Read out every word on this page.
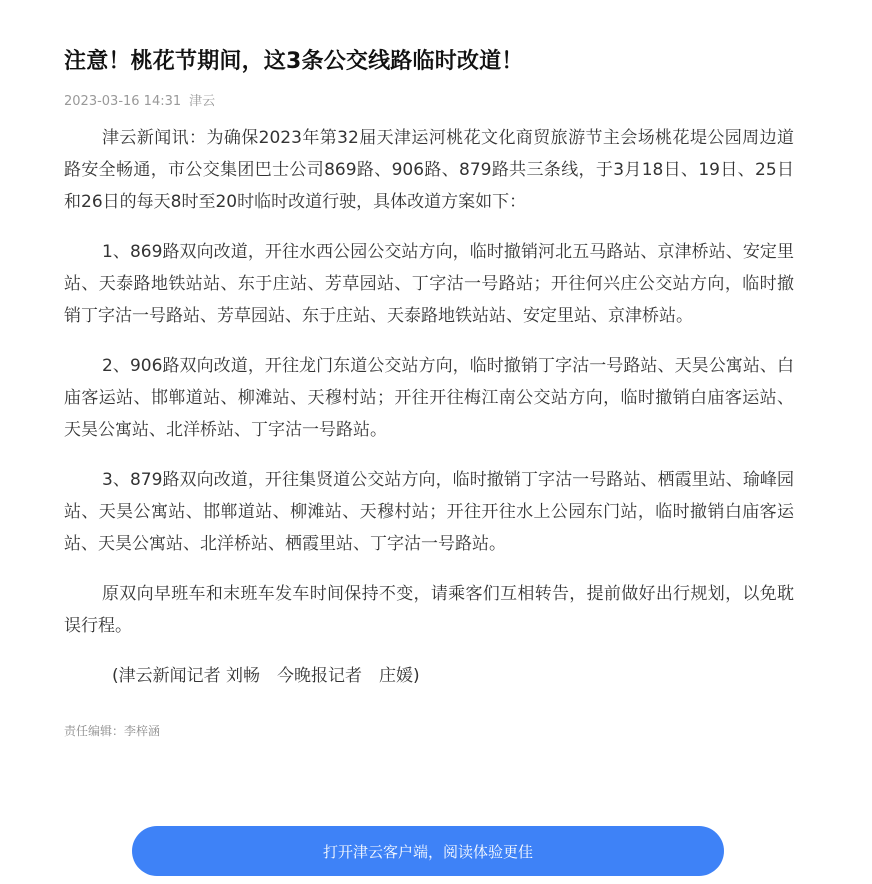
注意！桃花节期间，这3条公交线路临时改道！
2023-03-16 14:31 津云

津云新闻讯：为确保2023年第32届天津运河桃花文化商贸旅游节主会场桃花堤公园周边道路安全畅通，市公交集团巴士公司869路、906路、879路共三条线，于3月18日、19日、25日和26日的每天8时至20时临时改道行驶，具体改道方案如下：

1、869路双向改道，开往水西公园公交站方向，临时撤销河北五马路站、京津桥站、安定里站、天泰路地铁站站、东于庄站、芳草园站、丁字沽一号路站；开往何兴庄公交站方向，临时撤销丁字沽一号路站、芳草园站、东于庄站、天泰路地铁站站、安定里站、京津桥站。

2、906路双向改道，开往龙门东道公交站方向，临时撤销丁字沽一号路站、天昊公寓站、白庙客运站、邯郸道站、柳滩站、天穆村站；开往开往梅江南公交站方向，临时撤销白庙客运站、天昊公寓站、北洋桥站、丁字沽一号路站。

3、879路双向改道，开往集贤道公交站方向，临时撤销丁字沽一号路站、栖霞里站、瑜峰园站、天昊公寓站、邯郸道站、柳滩站、天穆村站；开往开往水上公园东门站，临时撤销白庙客运站、天昊公寓站、北洋桥站、栖霞里站、丁字沽一号路站。

原双向早班车和末班车发车时间保持不变，请乘客们互相转告，提前做好出行规划，以免耽误行程。

(津云新闻记者 刘畅　今晚报记者　庄媛)
责任编辑：李梓涵
打开津云客户端，阅读体验更佳
